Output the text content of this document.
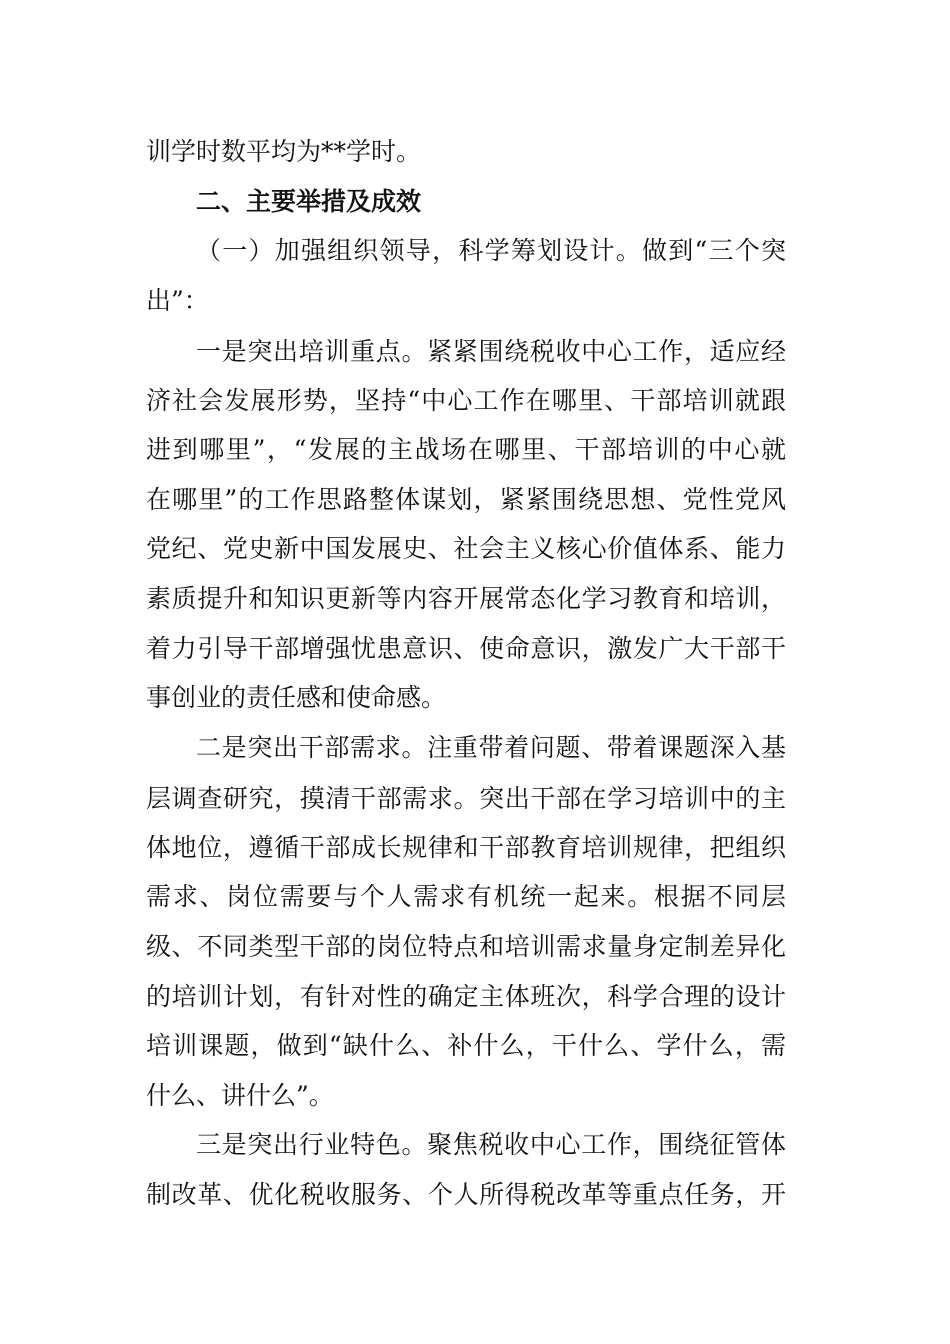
训学时数平均为**学时。
二、主要举措及成效
（一）加强组织领导，科学筹划设计。做到“三个突
出”：
一是突出培训重点。紧紧围绕税收中心工作，适应经
济社会发展形势，坚持“中心工作在哪里、干部培训就跟
进到哪里”，“发展的主战场在哪里、干部培训的中心就
在哪里”的工作思路整体谋划，紧紧围绕思想、党性党风
党纪、党史新中国发展史、社会主义核心价值体系、能力
素质提升和知识更新等内容开展常态化学习教育和培训，
着力引导干部增强忧患意识、使命意识，激发广大干部干
事创业的责任感和使命感。
二是突出干部需求。注重带着问题、带着课题深入基
层调查研究，摸清干部需求。突出干部在学习培训中的主
体地位，遵循干部成长规律和干部教育培训规律，把组织
需求、岗位需要与个人需求有机统一起来。根据不同层
级、不同类型干部的岗位特点和培训需求量身定制差异化
的培训计划，有针对性的确定主体班次，科学合理的设计
培训课题，做到“缺什么、补什么，干什么、学什么，需
什么、讲什么”。
三是突出行业特色。聚焦税收中心工作，围绕征管体
制改革、优化税收服务、个人所得税改革等重点任务，开
